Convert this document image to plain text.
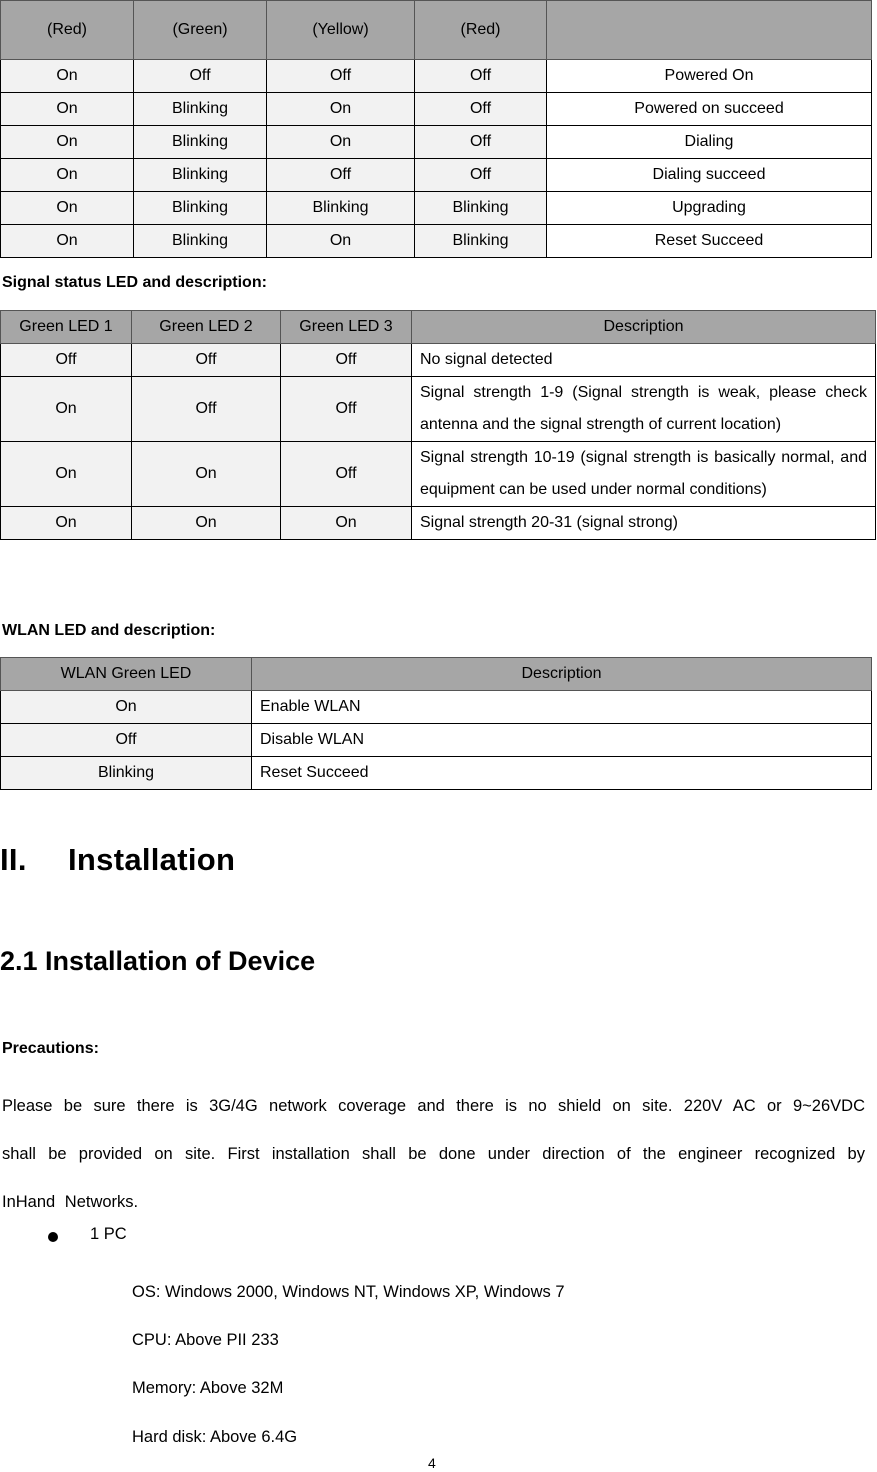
(Red)	(Green)	(Yellow)	(Red)	
On	Off	Off	Off	Powered On
On	Blinking	On	Off	Powered on succeed
On	Blinking	On	Off	Dialing
On	Blinking	Off	Off	Dialing succeed
On	Blinking	Blinking	Blinking	Upgrading
On	Blinking	On	Blinking	Reset Succeed
Signal status LED and description:
Green LED 1	Green LED 2	Green LED 3	Description
Off	Off	Off	No signal detected
On	Off	Off	Signal strength 1-9 (Signal strength is weak, please check antenna and the signal strength of current location)
On	On	Off	Signal strength 10-19 (signal strength is basically normal, and equipment can be used under normal conditions)
On	On	On	Signal strength 20-31 (signal strong)
WLAN LED and description:
WLAN Green LED	Description
On	Enable WLAN
Off	Disable WLAN
Blinking	Reset Succeed
II. Installation
2.1 Installation of Device
Precautions:
Please be sure there is 3G/4G network coverage and there is no shield on site. 220V AC or 9~26VDC shall be provided on site. First installation shall be done under direction of the engineer recognized by InHand Networks.
1 PC
OS: Windows 2000, Windows NT, Windows XP, Windows 7
CPU: Above PII 233
Memory: Above 32M
Hard disk: Above 6.4G
4
